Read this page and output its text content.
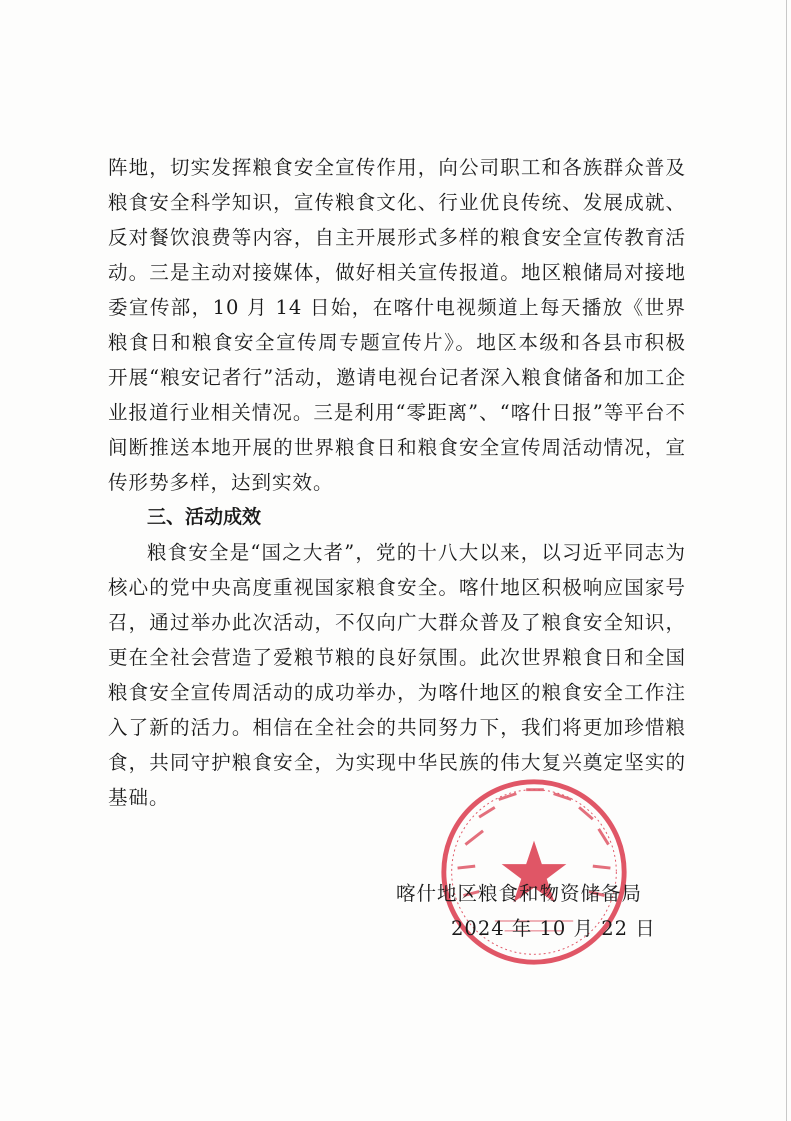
阵地，切实发挥粮食安全宣传作用，向公司职工和各族群众普及粮食安全科学知识，宣传粮食文化、行业优良传统、发展成就、反对餐饮浪费等内容，自主开展形式多样的粮食安全宣传教育活动。三是主动对接媒体，做好相关宣传报道。地区粮储局对接地委宣传部，10 月 14 日始，在喀什电视频道上每天播放《世界粮食日和粮食安全宣传周专题宣传片》。地区本级和各县市积极开展“粮安记者行”活动，邀请电视台记者深入粮食储备和加工企业报道行业相关情况。三是利用“零距离”、“喀什日报”等平台不间断推送本地开展的世界粮食日和粮食安全宣传周活动情况，宣传形势多样，达到实效。

三、活动成效

粮食安全是“国之大者”，党的十八大以来，以习近平同志为核心的党中央高度重视国家粮食安全。喀什地区积极响应国家号召，通过举办此次活动，不仅向广大群众普及了粮食安全知识，更在全社会营造了爱粮节粮的良好氛围。此次世界粮食日和全国粮食安全宣传周活动的成功举办，为喀什地区的粮食安全工作注入了新的活力。相信在全社会的共同努力下，我们将更加珍惜粮食，共同守护粮食安全，为实现中华民族的伟大复兴奠定坚实的基础。

喀什地区粮食和物资储备局
2024 年 10 月 22 日
